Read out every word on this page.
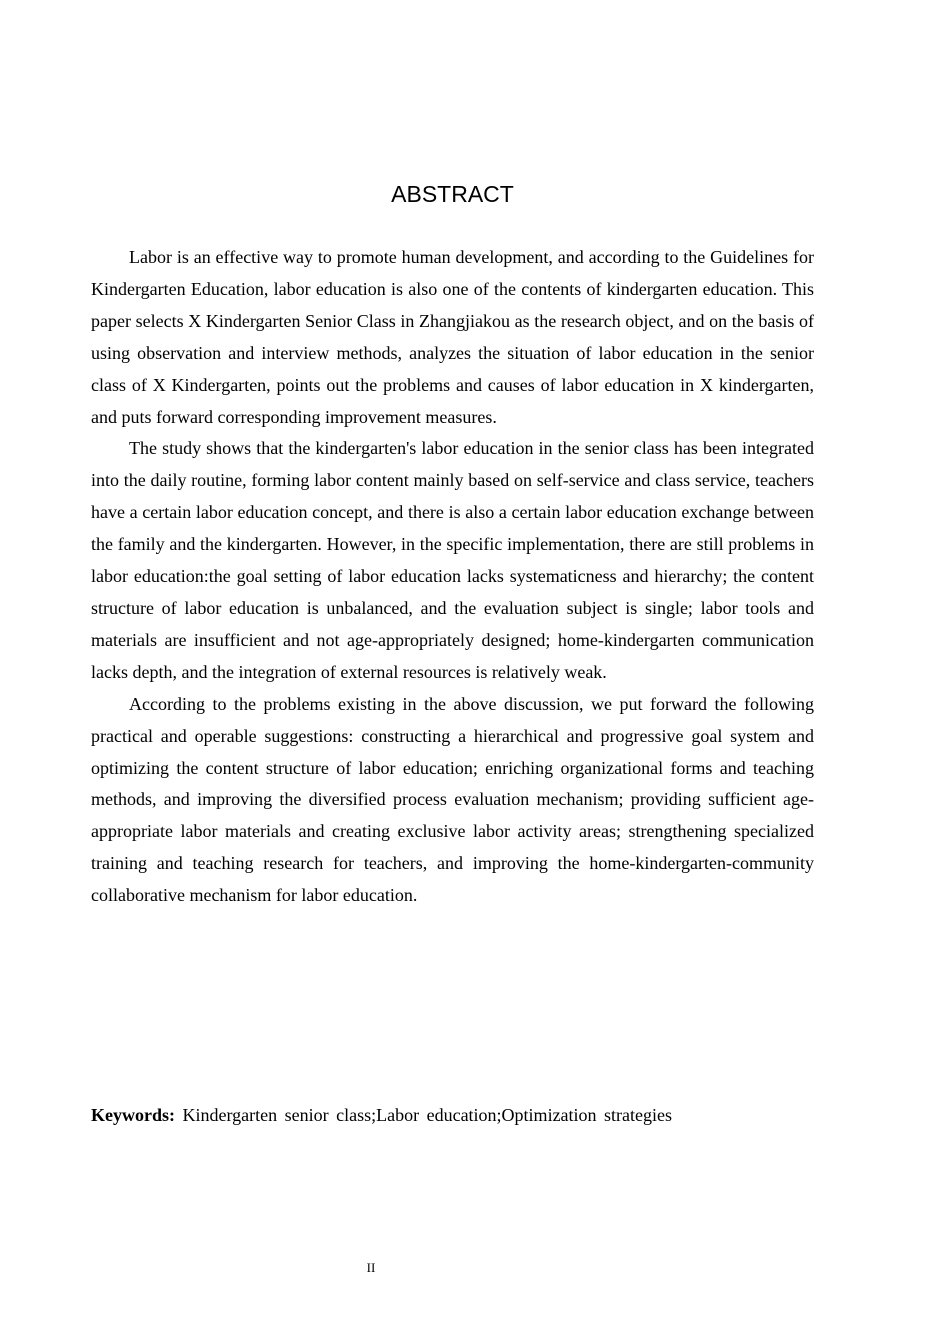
ABSTRACT

Labor is an effective way to promote human development, and according to the Guidelines for Kindergarten Education, labor education is also one of the contents of kindergarten education. This paper selects X Kindergarten Senior Class in Zhangjiakou as the research object, and on the basis of using observation and interview methods, analyzes the situation of labor education in the senior class of X Kindergarten, points out the problems and causes of labor education in X kindergarten, and puts forward corresponding improvement measures.

The study shows that the kindergarten's labor education in the senior class has been integrated into the daily routine, forming labor content mainly based on self-service and class service, teachers have a certain labor education concept, and there is also a certain labor education exchange between the family and the kindergarten. However, in the specific implementation, there are still problems in labor education:the goal setting of labor education lacks systematicness and hierarchy; the content structure of labor education is unbalanced, and the evaluation subject is single; labor tools and materials are insufficient and not age-appropriately designed; home-kindergarten communication lacks depth, and the integration of external resources is relatively weak.

According to the problems existing in the above discussion, we put forward the following practical and operable suggestions: constructing a hierarchical and progressive goal system and optimizing the content structure of labor education; enriching organizational forms and teaching methods, and improving the diversified process evaluation mechanism; providing sufficient age-appropriate labor materials and creating exclusive labor activity areas; strengthening specialized training and teaching research for teachers, and improving the home-kindergarten-community collaborative mechanism for labor education.

Keywords: Kindergarten senior class;Labor education;Optimization strategies
II
